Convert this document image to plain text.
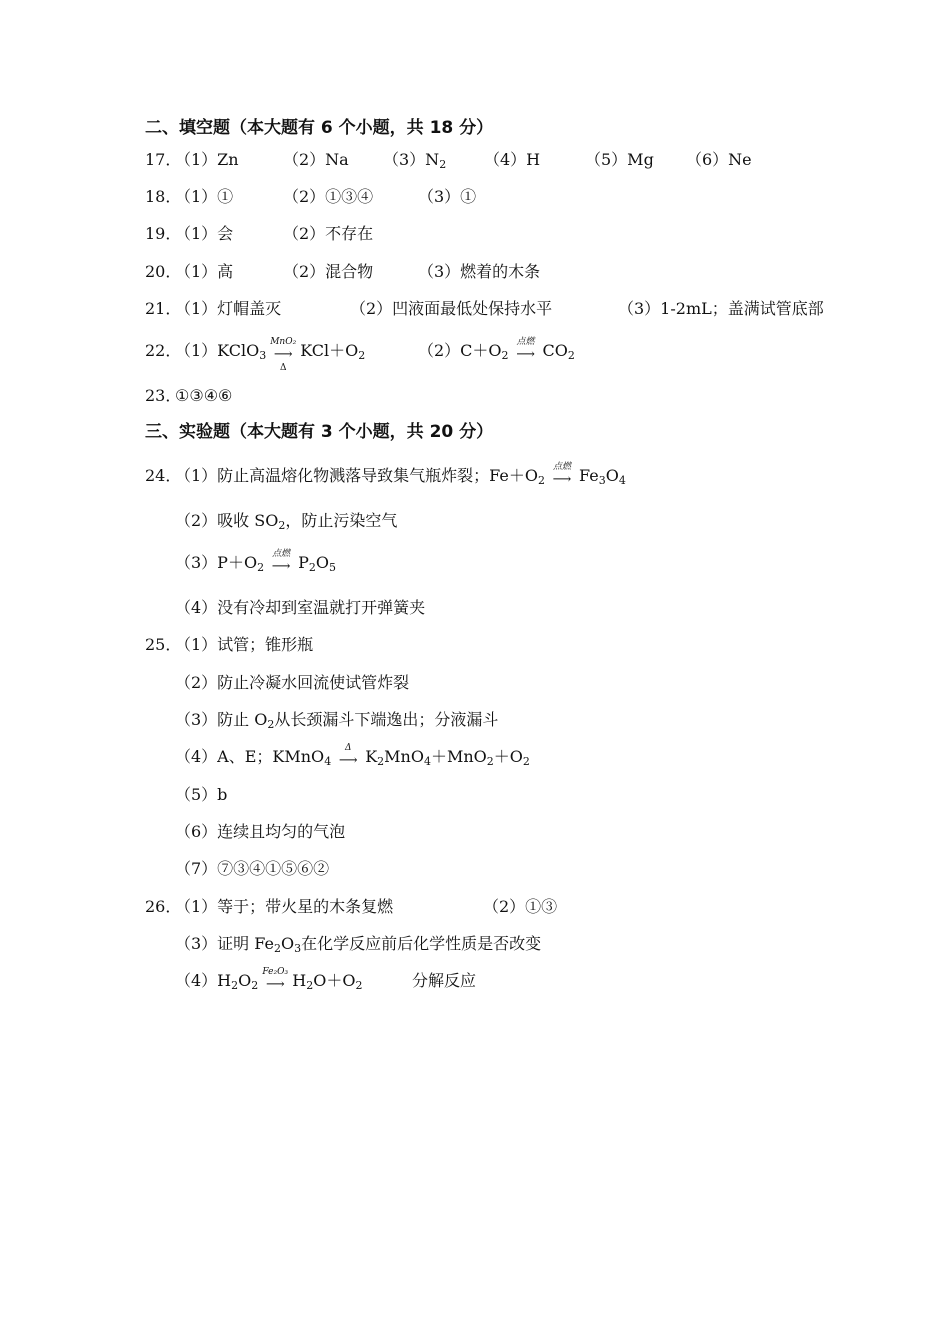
二、填空题（本大题有 6 个小题，共 18 分）
17．
（1）Zn	（2）Na $(3)N_2$ （4）H	（5）Mg （6）Ne
18．
（1）①	（2）①③④	（3）①
19．
（1）会	（2）不存在
20．
（1）高	（2）混合物	（3）燃着的木条
21．
（1）灯帽盖灭	（2）凹液面最低处保持水平	（3）1-2mL；盖满试管底部
22．
（1）KClO$_3$
MnO₂
⟶
Δ
$KCl+O_2$	$(2)C+O_2$
点燃
⟶ $CO_2$
23．
①③④⑥
三、实验题（本大题有 3 个小题，共 20 分）
24．
（1）防止高温熔化物溅落导致集气瓶炸裂；$Fe+O_2$
点燃
⟶ $Fe_3O_4$
（2）吸收 $SO_2$，防止污染空气
$(3)P+O_2$
点燃
⟶ $P_2O_5$
（4）没有冷却到室温就打开弹簧夹
25．
（1）试管；锥形瓶
（2）防止冷凝水回流使试管炸裂
（3）防止 $O_2$从长颈漏斗下端逸出；分液漏斗
（4）A、E；KMnO$_4$
Δ
⟶ $K_2MnO_4+MnO_2+O_2$
（5）b
（6）连续且均匀的气泡
（7）⑦③④①⑤⑥②
26．
（1）等于；带火星的木条复燃	（2）①③
（3）证明 $Fe_2O_3$在化学反应前后化学性质是否改变
$(4)H_2O_2$
Fe₂O₃
⟶ $H_2O+O_2$	分解反应
